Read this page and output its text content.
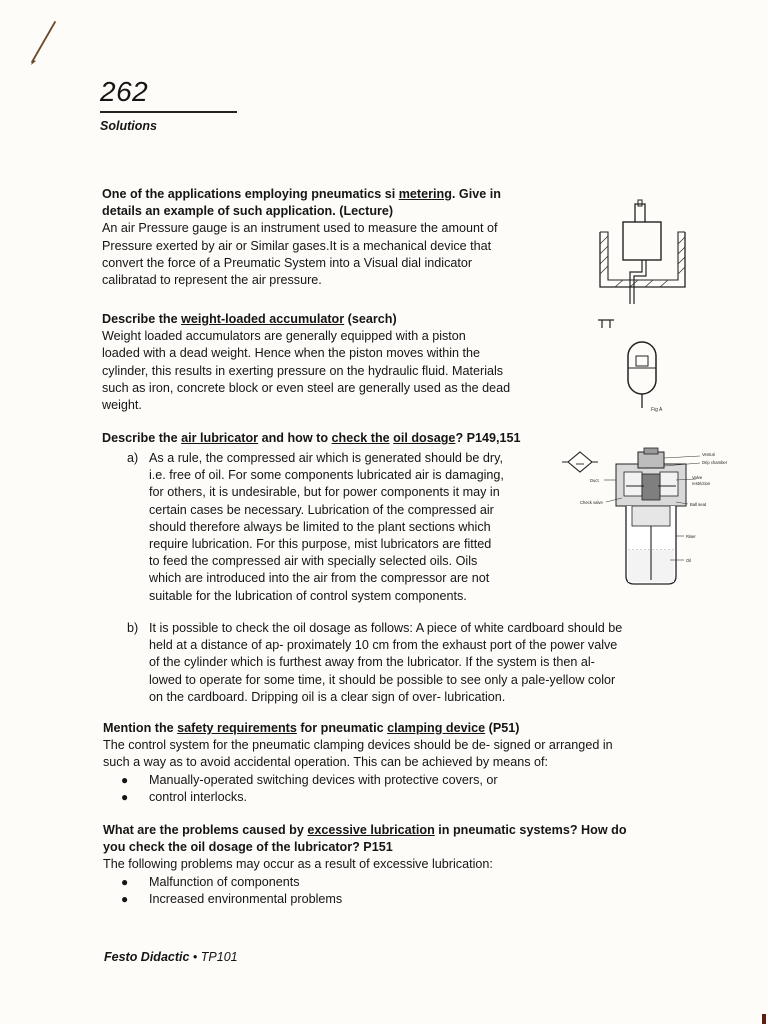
262
Solutions
One of the applications employing pneumatics si metering. Give in
details an example of such application. (Lecture)
An air Pressure gauge is an instrument used to measure the amount of
Pressure exerted by air or Similar gases.It is a mechanical device that
convert the force of a Preumatic System into a Visual dial indicator
calibratad to represent the air pressure.
Describe the weight-loaded accumulator (search)
Weight loaded accumulators are generally equipped with a piston
loaded with a dead weight. Hence when the piston moves within the
cylinder, this results in exerting pressure on the hydraulic fluid. Materials
such as iron, concrete block or even steel are generally used as the dead
weight.	Fig A
Describe the air lubricator and how to check the oil dosage? P149,151
a) As a rule, the compressed air which is generated should be dry,
i.e. free of oil. For some components lubricated air is damaging,
for others, it is undesirable, but for power components it may in
certain cases be necessary. Lubrication of the compressed air
should therefore always be limited to the plant sections which
require lubrication. For this purpose, mist lubricators are fitted
to feed the compressed air with specially selected oils. Oils
which are introduced into the air from the compressor are not
suitable for the lubrication of control system components.
Venturi
Drip chamber
Duct
Valve
restriction
Check valve	Ball seat
Riser
Oil
b) It is possible to check the oil dosage as follows: A piece of white cardboard should be
held at a distance of ap- proximately 10 cm from the exhaust port of the power valve
of the cylinder which is furthest away from the lubricator. If the system is then al-
lowed to operate for some time, it should be possible to see only a pale-yellow color
on the cardboard. Dripping oil is a clear sign of over- lubrication.
Mention the safety requirements for pneumatic clamping device (P51)
The control system for the pneumatic clamping devices should be de- signed or arranged in
such a way as to avoid accidental operation. This can be achieved by means of:
●	Manually-operated switching devices with protective covers, or
●	control interlocks.
What are the problems caused by excessive lubrication in pneumatic systems? How do
you check the oil dosage of the lubricator? P151
The following problems may occur as a result of excessive lubrication:
●	Malfunction of components
●	Increased environmental problems
Festo Didactic • TP101
